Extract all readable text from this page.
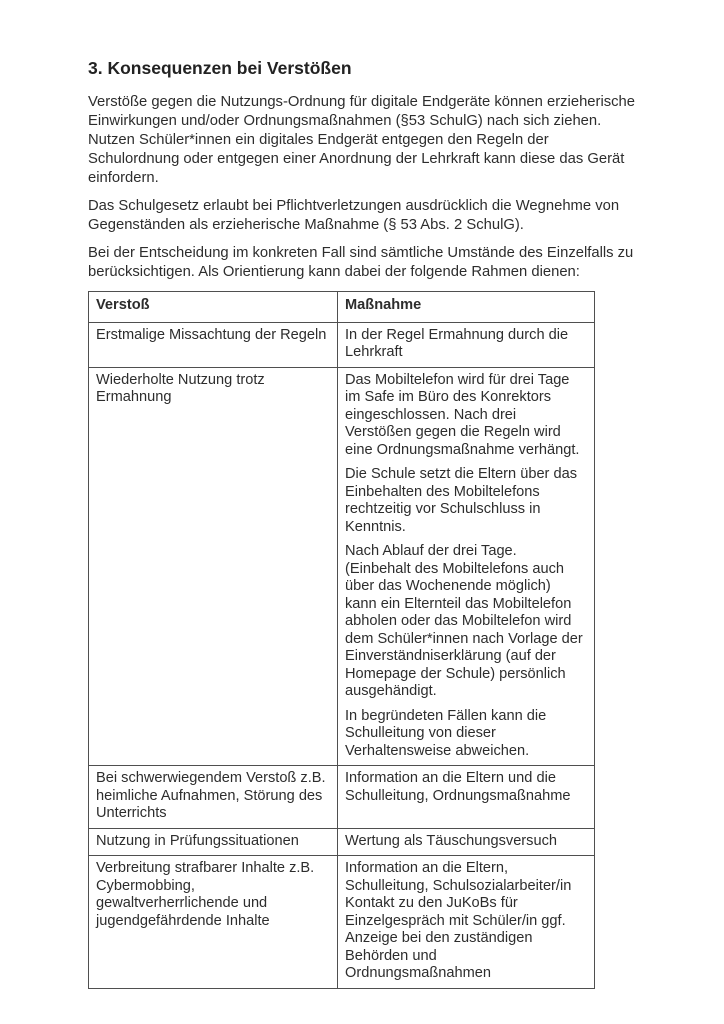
3. Konsequenzen bei Verstößen

Verstöße gegen die Nutzungs-Ordnung für digitale Endgeräte können erzieherische Einwirkungen und/oder Ordnungsmaßnahmen (§53 SchulG) nach sich ziehen. Nutzen Schüler*innen ein digitales Endgerät entgegen den Regeln der Schulordnung oder entgegen einer Anordnung der Lehrkraft kann diese das Gerät einfordern.

Das Schulgesetz erlaubt bei Pflichtverletzungen ausdrücklich die Wegnehme von Gegenständen als erzieherische Maßnahme (§ 53 Abs. 2 SchulG).

Bei der Entscheidung im konkreten Fall sind sämtliche Umstände des Einzelfalls zu berücksichtigen. Als Orientierung kann dabei der folgende Rahmen dienen:

Verstoß	Maßnahme

Erstmalige Missachtung der Regeln	In der Regel Ermahnung durch die Lehrkraft

Wiederholte Nutzung trotz Ermahnung	Das Mobiltelefon wird für drei Tage im Safe im Büro des Konrektors eingeschlossen. Nach drei Verstößen gegen die Regeln wird eine Ordnungsmaßnahme verhängt.

Die Schule setzt die Eltern über das Einbehalten des Mobiltelefons rechtzeitig vor Schulschluss in Kenntnis.

Nach Ablauf der drei Tage. (Einbehalt des Mobiltelefons auch über das Wochenende möglich) kann ein Elternteil das Mobiltelefon abholen oder das Mobiltelefon wird dem Schüler*innen nach Vorlage der Einverständniserklärung (auf der Homepage der Schule) persönlich ausgehändigt.

In begründeten Fällen kann die Schulleitung von dieser Verhaltensweise abweichen.

Bei schwerwiegendem Verstoß z.B. heimliche Aufnahmen, Störung des Unterrichts	Information an die Eltern und die Schulleitung, Ordnungsmaßnahme

Nutzung in Prüfungssituationen	Wertung als Täuschungsversuch

Verbreitung strafbarer Inhalte z.B. Cybermobbing, gewaltverherrlichende und jugendgefährdende Inhalte	Information an die Eltern, Schulleitung, Schulsozialarbeiter/in Kontakt zu den JuKoBs für Einzelgespräch mit Schüler/in ggf. Anzeige bei den zuständigen Behörden und Ordnungsmaßnahmen
